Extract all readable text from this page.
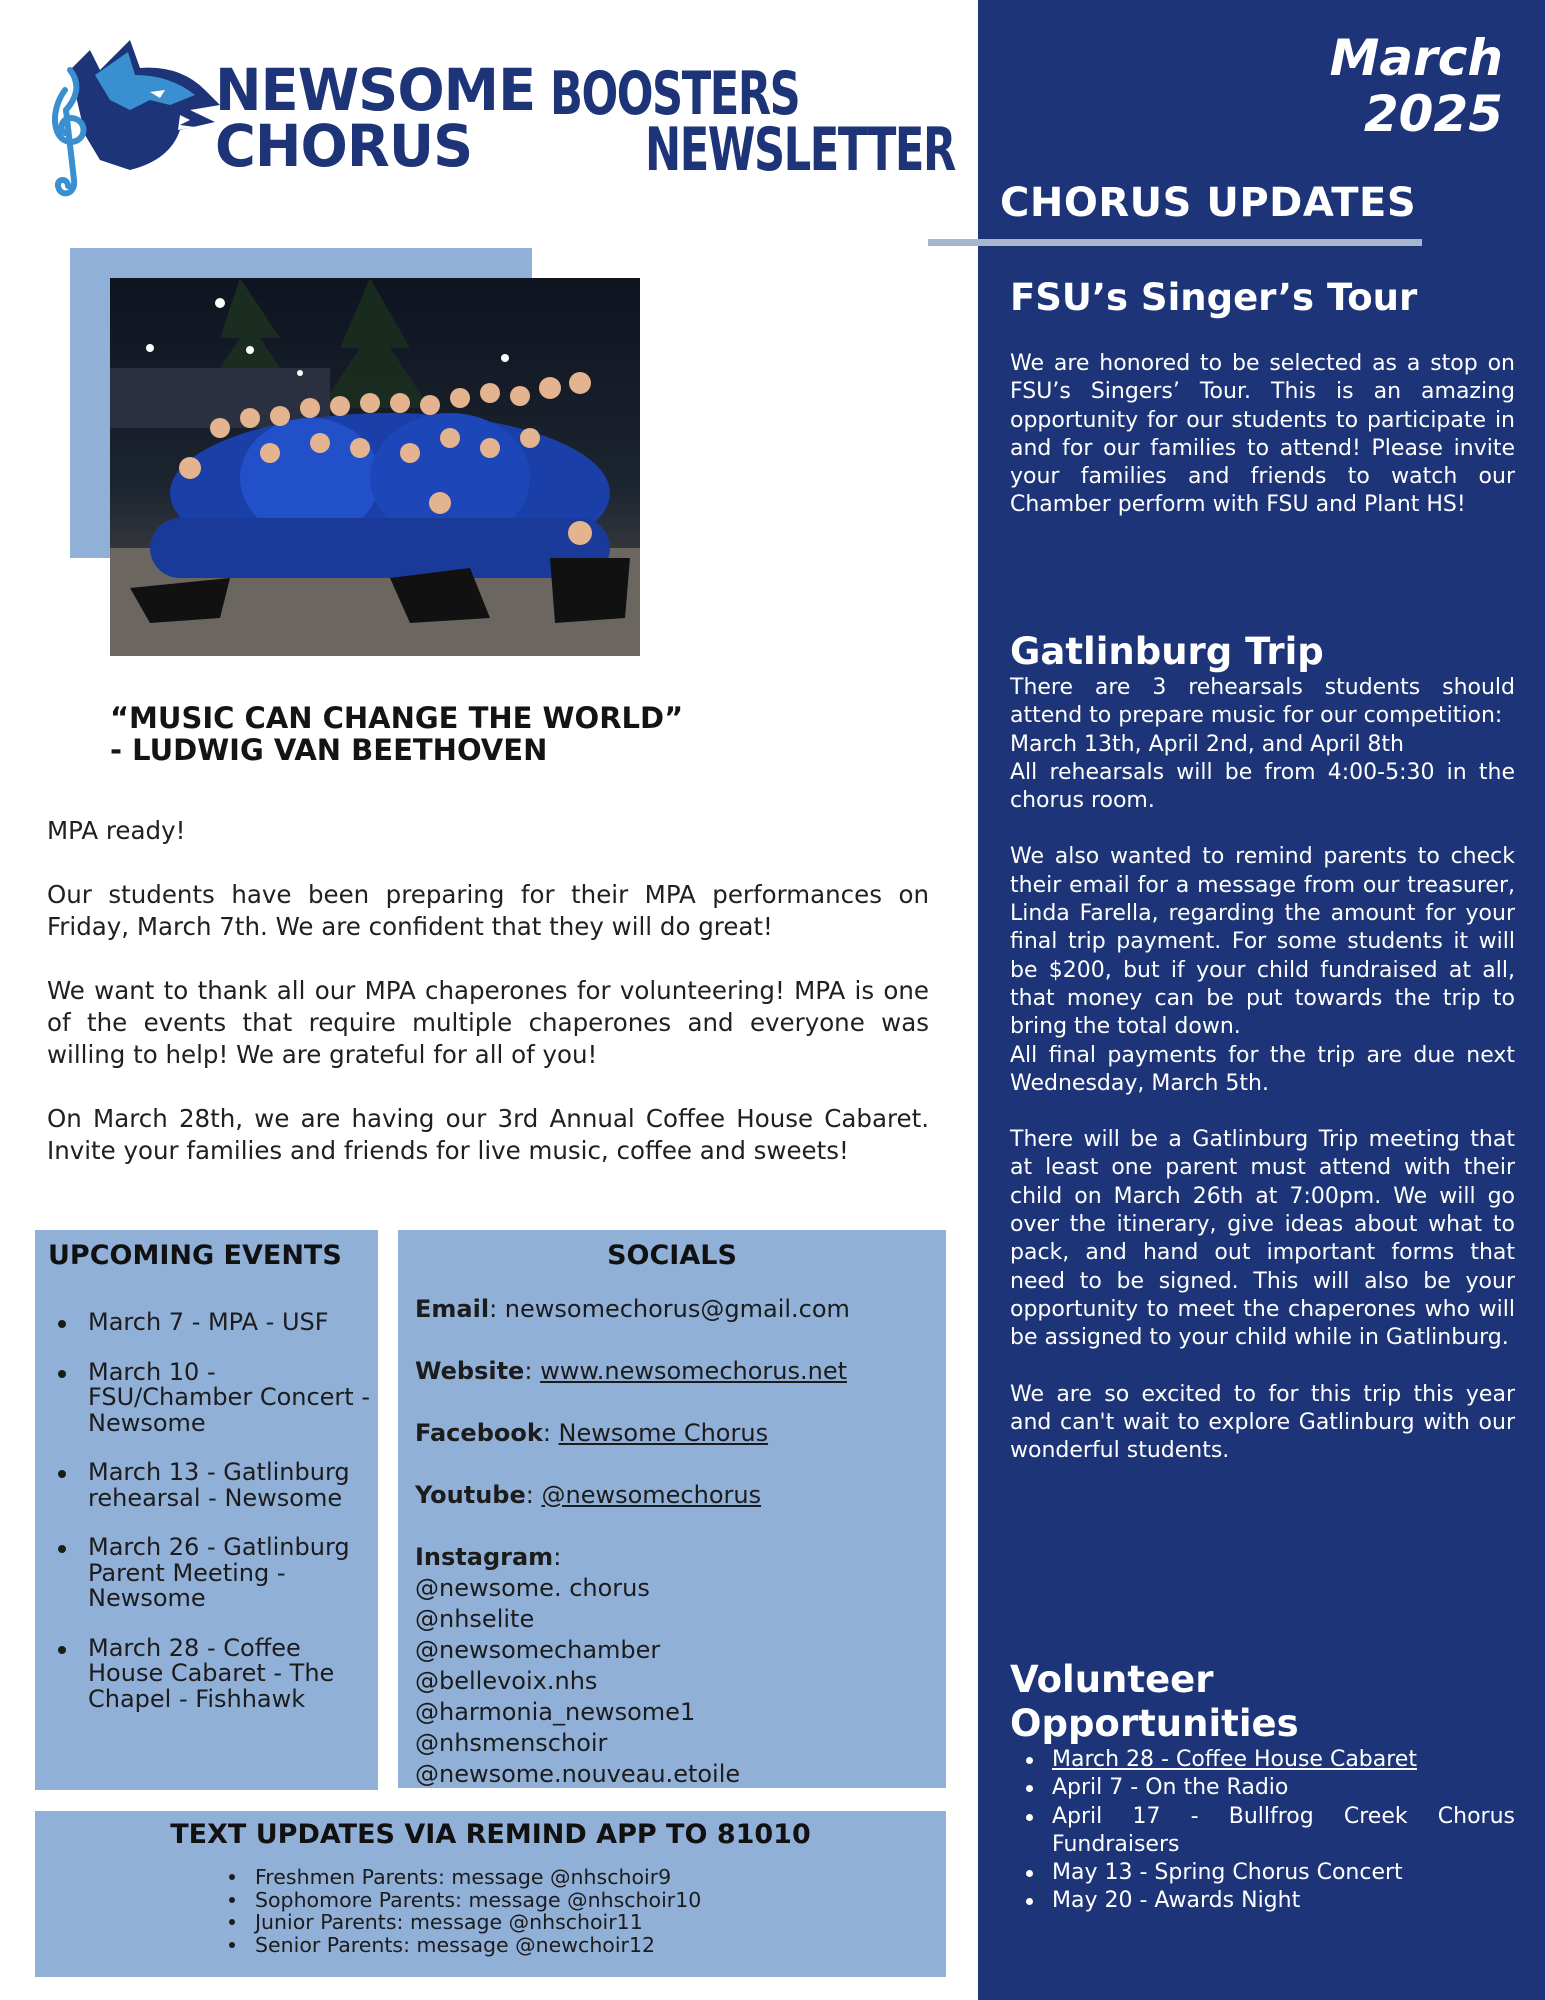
March
2025
CHORUS UPDATES
FSU’s Singer’s Tour
We are honored to be selected as a stop on FSU’s Singers’ Tour. This is an amazing opportunity for our students to participate in and for our families to attend! Please invite your families and friends to watch our Chamber perform with FSU and Plant HS!
Gatlinburg Trip
There are 3 rehearsals students should attend to prepare music for our competition:
March 13th, April 2nd, and April 8th
All rehearsals will be from 4:00-5:30 in the chorus room.
We also wanted to remind parents to check their email for a message from our treasurer, Linda Farella, regarding the amount for your final trip payment. For some students it will be $200, but if your child fundraised at all, that money can be put towards the trip to bring the total down.
All final payments for the trip are due next Wednesday, March 5th.
There will be a Gatlinburg Trip meeting that at least one parent must attend with their child on March 26th at 7:00pm. We will go over the itinerary, give ideas about what to pack, and hand out important forms that need to be signed. This will also be your opportunity to meet the chaperones who will be assigned to your child while in Gatlinburg.
We are so excited to for this trip this year and can't wait to explore Gatlinburg with our wonderful students.
Volunteer
Opportunities
March 28 - Coffee House Cabaret
April 7 - On the Radio
April 17 - Bullfrog Creek Chorus Fundraisers
May 13 - Spring Chorus Concert
May 20 - Awards Night
NEWSOME
CHORUS
BOOSTERS
NEWSLETTER
“MUSIC CAN CHANGE THE WORLD”
- LUDWIG VAN BEETHOVEN

MPA ready!

Our students have been preparing for their MPA performances on Friday, March 7th. We are confident that they will do great!

We want to thank all our MPA chaperones for volunteering! MPA is one of the events that require multiple chaperones and everyone was willing to help! We are grateful for all of you!

On March 28th, we are having our 3rd Annual Coffee House Cabaret. Invite your families and friends for live music, coffee and sweets!

UPCOMING EVENTS
March 7 - MPA - USF
March 10 - FSU/Chamber Concert - Newsome
March 13 - Gatlinburg rehearsal - Newsome
March 26 - Gatlinburg Parent Meeting - Newsome
March 28 - Coffee House Cabaret - The Chapel - Fishhawk
SOCIALS
Email: newsomechorus@gmail.com
Website: www.newsomechorus.net
Facebook: Newsome Chorus
Youtube: @newsomechorus
Instagram:
@newsome. chorus
@nhselite
@newsomechamber
@bellevoix.nhs
@harmonia_newsome1
@nhsmenschoir
@newsome.nouveau.etoile
TEXT UPDATES VIA REMIND APP TO 81010
Freshmen Parents: message @nhschoir9
Sophomore Parents: message @nhschoir10
Junior Parents: message @nhschoir11
Senior Parents: message @newchoir12
